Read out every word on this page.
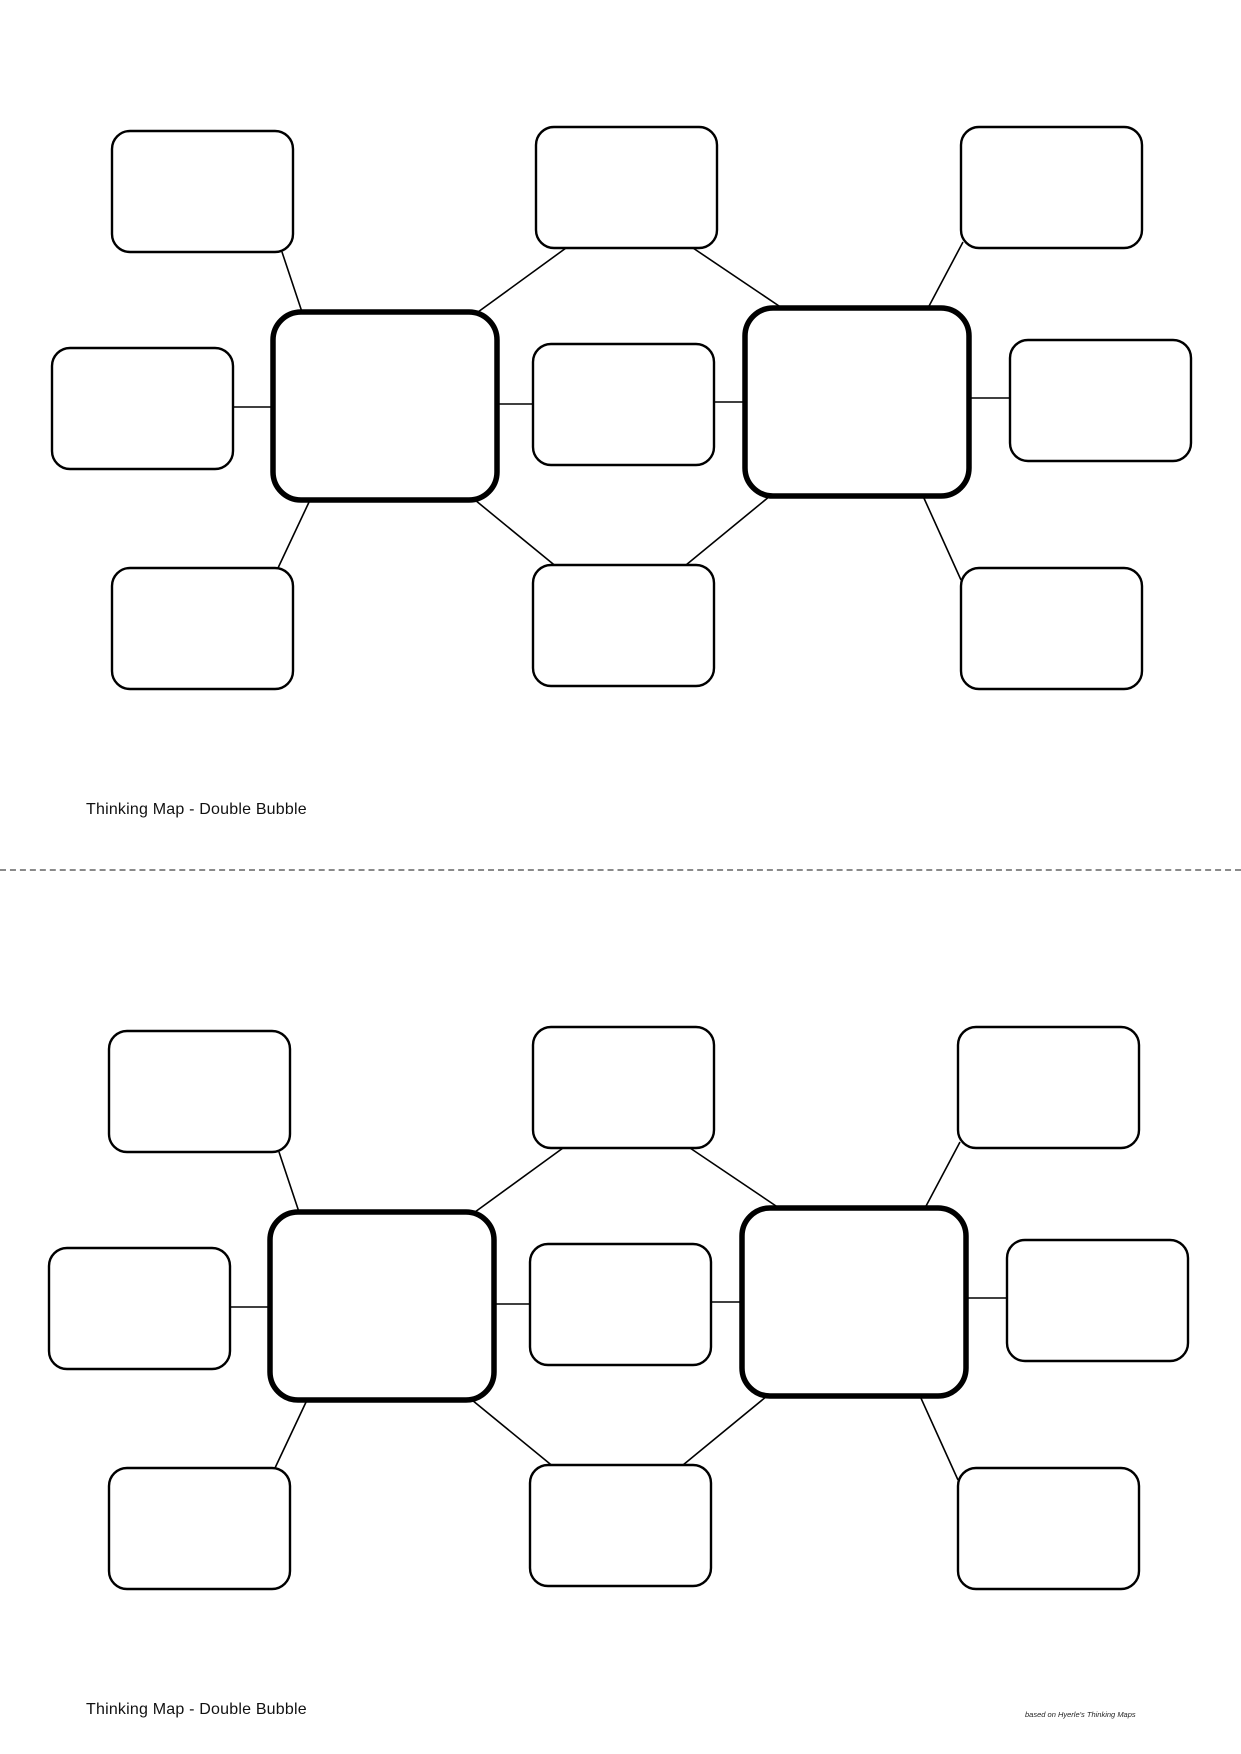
Thinking Map - Double Bubble
Thinking Map - Double Bubble	based on Hyerle's Thinking Maps
